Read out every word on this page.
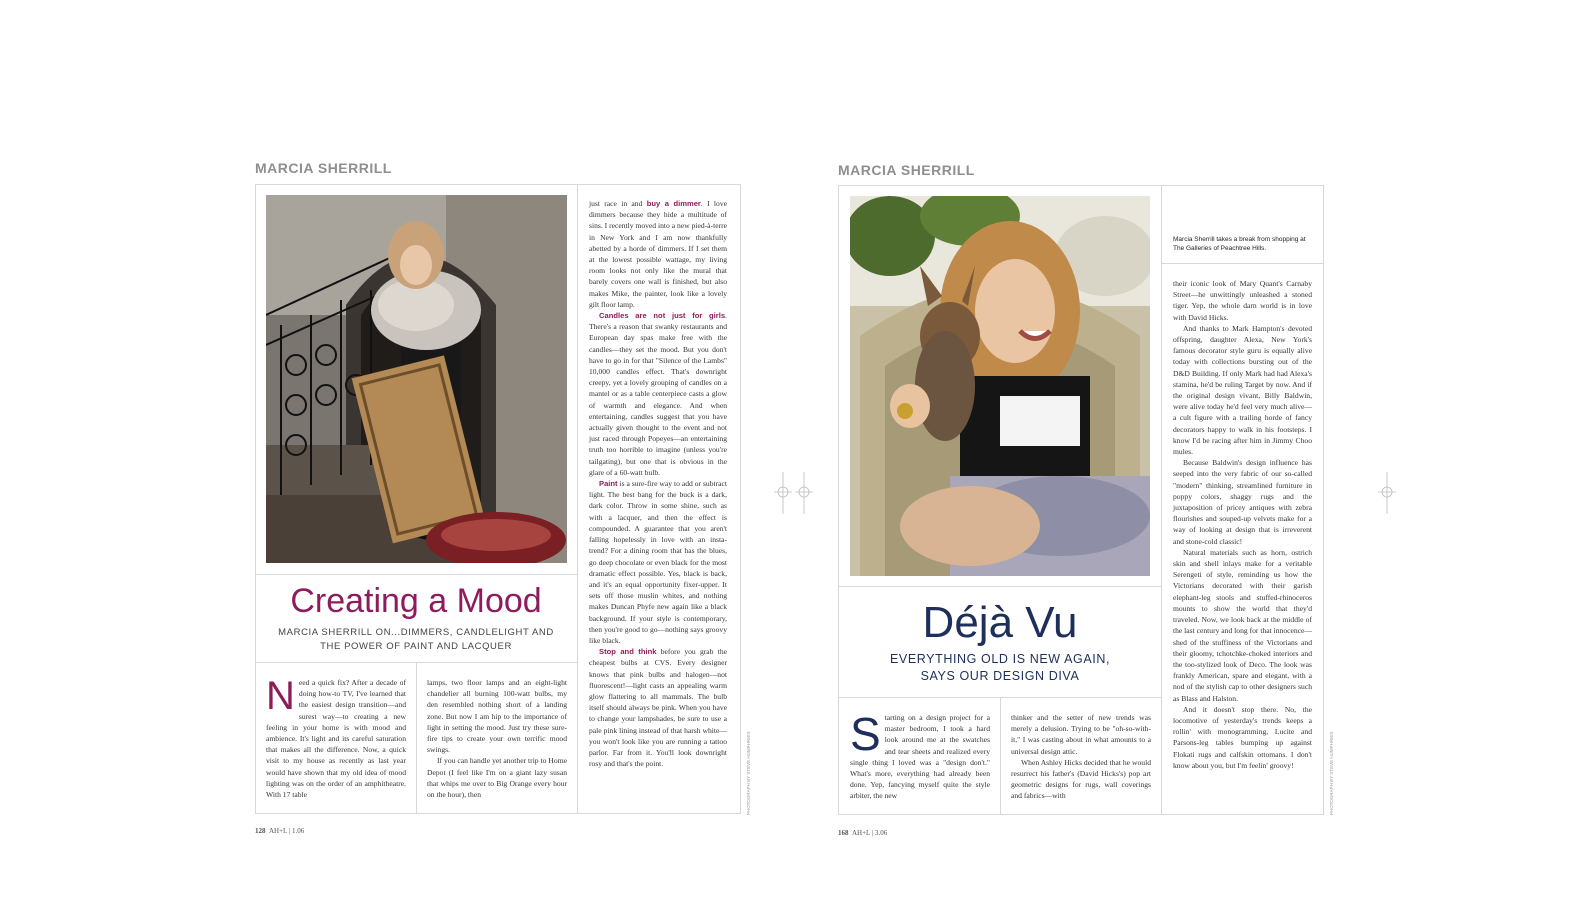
MARCIA SHERRILL
Creating a Mood
MARCIA SHERRILL ON...DIMMERS, CANDLELIGHT AND
THE POWER OF PAINT AND LACQUER
Need a quick fix? After a decade of doing how-to TV, I've learned that the easiest design transition—and surest way—to creating a new feeling in your home is with mood and ambience. It's light and its careful saturation that makes all the difference. Now, a quick visit to my house as recently as last year would have shown that my old idea of mood lighting was on the order of an amphitheatre. With 17 table

lamps, two floor lamps and an eight-light chandelier all burning 100-watt bulbs, my den resembled nothing short of a landing zone. But now I am hip to the importance of light in setting the mood. Just try these sure-fire tips to create your own terrific mood swings.

If you can handle yet another trip to Home Depot (I feel like I'm on a giant lazy susan that whips me over to Big Orange every hour on the hour), then

just race in and buy a dimmer. I love dimmers because they hide a multitude of sins. I recently moved into a new pied-à-terre in New York and I am now thankfully abetted by a horde of dimmers. If I set them at the lowest possible wattage, my living room looks not only like the mural that barely covers one wall is finished, but also makes Mike, the painter, look like a lovely gilt floor lamp.

Candles are not just for girls. There's a reason that swanky restaurants and European day spas make free with the candles—they set the mood. But you don't have to go in for that "Silence of the Lambs" 10,000 candles effect. That's downright creepy, yet a lovely grouping of candles on a mantel or as a table centerpiece casts a glow of warmth and elegance. And when entertaining, candles suggest that you have actually given thought to the event and not just raced through Popeyes—an entertaining truth too horrible to imagine (unless you're tailgating), but one that is obvious in the glare of a 60-watt bulb.

Paint is a sure-fire way to add or subtract light. The best bang for the buck is a dark, dark color. Throw in some shine, such as with a lacquer, and then the effect is compounded. A guarantee that you aren't falling hopelessly in love with an insta-trend? For a dining room that has the blues, go deep chocolate or even black for the most dramatic effect possible. Yes, black is back, and it's an equal opportunity fixer-upper. It sets off those muslin whites, and nothing makes Duncan Phyfe new again like a black background. If your style is contemporary, then you're good to go—nothing says groovy like black.

Stop and think before you grab the cheapest bulbs at CVS. Every designer knows that pink bulbs and halogen—not fluorescent!—light casts an appealing warm glow flattering to all mammals. The bulb itself should always be pink. When you have to change your lampshades, be sure to use a pale pink lining instead of that harsh white—you won't look like you are running a tattoo parlor. Far from it. You'll look downright rosy and that's the point.	PHOTOGRAPH BY STEVE HUMPHRIES
128 AH+L | 1.06
MARCIA SHERRILL
Marcia Sherrill takes a break from shopping at The Galleries of Peachtree Hills.
Déjà Vu
EVERYTHING OLD IS NEW AGAIN,
SAYS OUR DESIGN DIVA
Starting on a design project for a master bedroom, I took a hard look around me at the swatches and tear sheets and realized every single thing I loved was a "design don't." What's more, everything had already been done. Yep, fancying myself quite the style arbiter, the new

thinker and the setter of new trends was merely a delusion. Trying to be "oh-so-with-it," I was casting about in what amounts to a universal design attic.

When Ashley Hicks decided that he would resurrect his father's (David Hicks's) pop art geometric designs for rugs, wall coverings and fabrics—with

their iconic look of Mary Quant's Carnaby Street—he unwittingly unleashed a stoned tiger. Yep, the whole darn world is in love with David Hicks.

And thanks to Mark Hampton's devoted offspring, daughter Alexa, New York's famous decorator style guru is equally alive today with collections bursting out of the D&D Building. If only Mark had had Alexa's stamina, he'd be ruling Target by now. And if the original design vivant, Billy Baldwin, were alive today he'd feel very much alive—a cult figure with a trailing horde of fancy decorators happy to walk in his footsteps. I know I'd be racing after him in Jimmy Choo mules.

Because Baldwin's design influence has seeped into the very fabric of our so-called "modern" thinking, streamlined furniture in poppy colors, shaggy rugs and the juxtaposition of pricey antiques with zebra flourishes and souped-up velvets make for a way of looking at design that is irreverent and stone-cold classic!

Natural materials such as horn, ostrich skin and shell inlays make for a veritable Serengeti of style, reminding us how the Victorians decorated with their garish elephant-leg stools and stuffed-rhinoceros mounts to show the world that they'd traveled. Now, we look back at the middle of the last century and long for that innocence—shed of the stuffiness of the Victorians and their gloomy, tchotchke-choked interiors and the too-stylized look of Deco. The look was frankly American, spare and elegant, with a nod of the stylish cap to other designers such as Blass and Halston.

And it doesn't stop there. No, the locomotive of yesterday's trends keeps a rollin' with monogramming, Lucite and Parsons-leg tables bumping up against Flokati rugs and calfskin ottomans. I don't know about you, but I'm feelin' groovy!	PHOTOGRAPH BY STEVE HUMPHRIES
168 AH+L | 3.06
